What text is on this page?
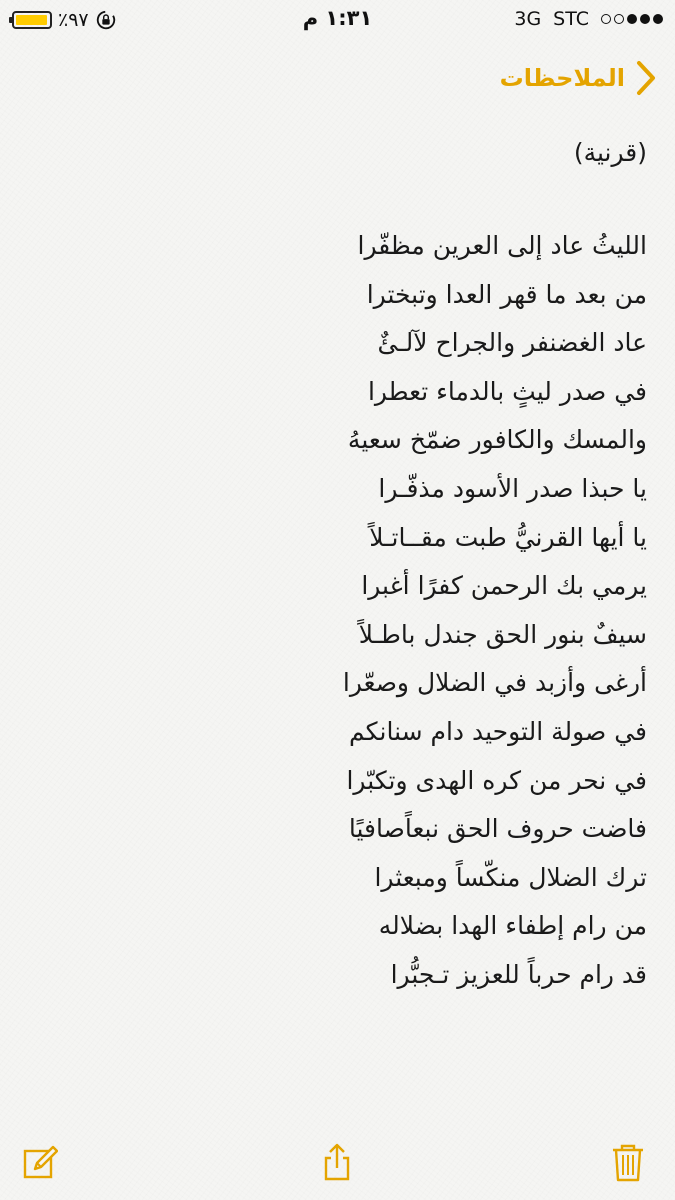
٪٩٧	١:٣١ م	3G STC
الملاحظات
(قرنية)
الليثُ عاد إلى العرين مظفّرا
من بعد ما قهر العدا وتبخترا
عاد الغضنفر والجراح لآلـئٌ
في صدر ليثٍ بالدماء تعطرا
والمسك والكافور ضمّخ سعيهُ
يا حبذا صدر الأسود مذفّـرا
يا أيها القرنيُّ طبت مقــاتـلاً
يرمي بك الرحمن كفرًا أغبرا
سيفٌ بنور الحق جندل باطـلاً
أرغى وأزبد في الضلال وصعّرا
في صولة التوحيد دام سنانكم
في نحر من كره الهدى وتكبّرا
فاضت حروف الحق نبعاًصافيًا
ترك الضلال منكّساً ومبعثرا
من رام إطفاء الهدا بضلاله
قد رام حرباً للعزيز تـجبُّرا
